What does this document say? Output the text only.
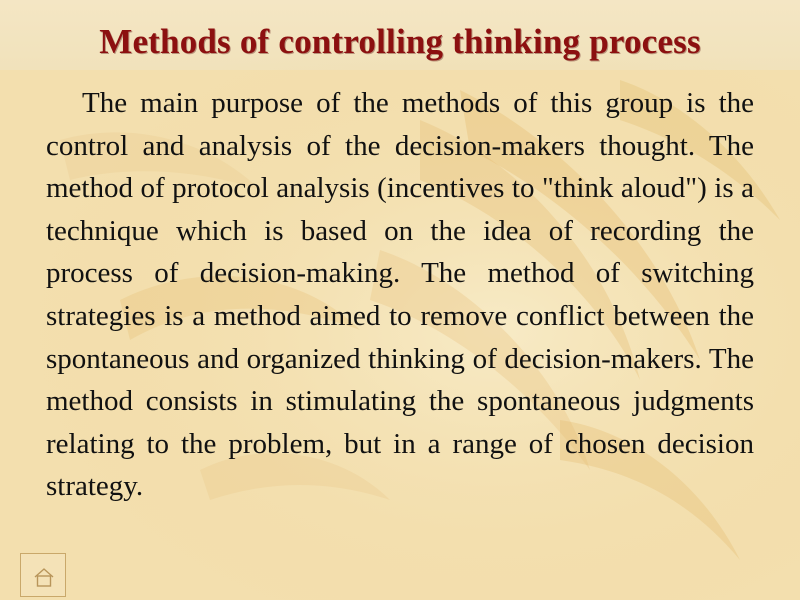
Methods of controlling thinking process

The main purpose of the methods of this group is the control and analysis of the decision-makers thought. The method of protocol analysis (incentives to "think aloud") is a technique which is based on the idea of recording the process of decision-making. The method of switching strategies is a method aimed to remove conflict between the spontaneous and organized thinking of decision-makers. The method consists in stimulating the spontaneous judgments relating to the problem, but in a range of chosen decision strategy.
